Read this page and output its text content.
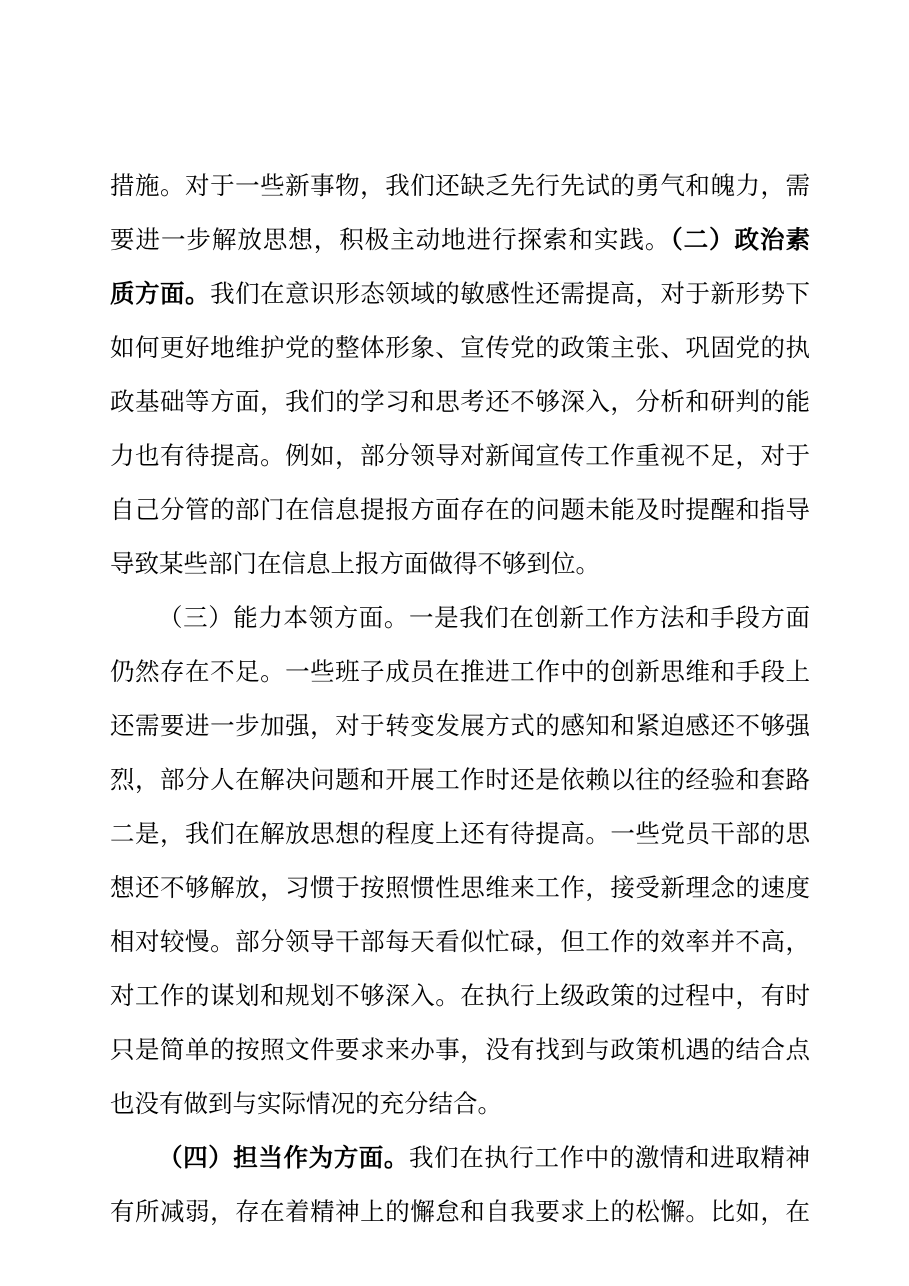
措施。对于一些新事物，我们还缺乏先行先试的勇气和魄力，需
要进一步解放思想，积极主动地进行探索和实践。（二）政治素
质方面。我们在意识形态领域的敏感性还需提高，对于新形势下
如何更好地维护党的整体形象、宣传党的政策主张、巩固党的执
政基础等方面，我们的学习和思考还不够深入，分析和研判的能
力也有待提高。例如，部分领导对新闻宣传工作重视不足，对于
自己分管的部门在信息提报方面存在的问题未能及时提醒和指导
导致某些部门在信息上报方面做得不够到位。
（三）能力本领方面。一是我们在创新工作方法和手段方面
仍然存在不足。一些班子成员在推进工作中的创新思维和手段上
还需要进一步加强，对于转变发展方式的感知和紧迫感还不够强
烈，部分人在解决问题和开展工作时还是依赖以往的经验和套路
二是，我们在解放思想的程度上还有待提高。一些党员干部的思
想还不够解放，习惯于按照惯性思维来工作，接受新理念的速度
相对较慢。部分领导干部每天看似忙碌，但工作的效率并不高，
对工作的谋划和规划不够深入。在执行上级政策的过程中，有时
只是简单的按照文件要求来办事，没有找到与政策机遇的结合点
也没有做到与实际情况的充分结合。
（四）担当作为方面。我们在执行工作中的激情和进取精神
有所减弱，存在着精神上的懈怠和自我要求上的松懈。比如，在
